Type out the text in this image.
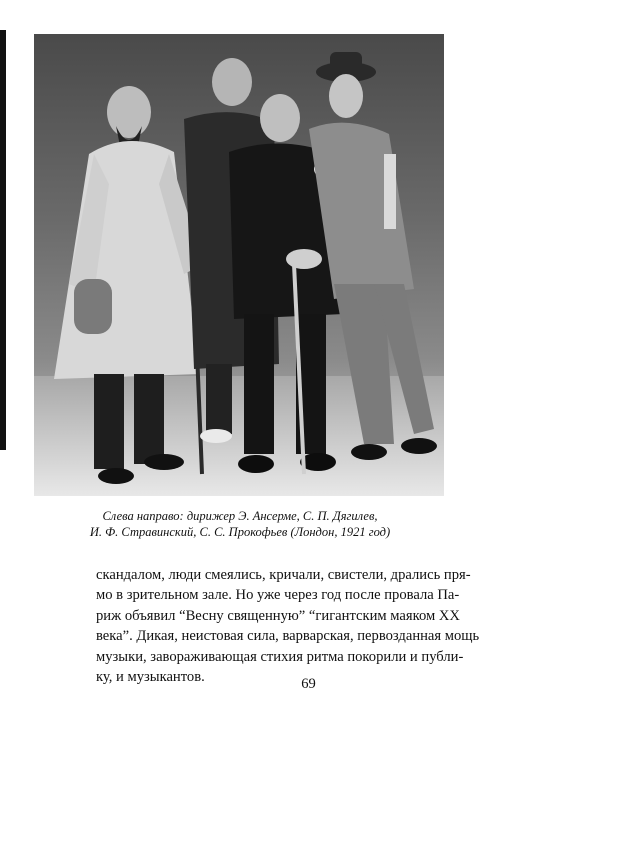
Слева направо: дирижер Э. Ансерме, С. П. Дягилев,
И. Ф. Стравинский, С. С. Прокофьев (Лондон, 1921 год)
скандалом, люди смеялись, кричали, свистели, дрались пря-
мо в зрительном зале. Но уже через год после провала Па-
риж объявил “Весну священную” “гигантским маяком XX
века”. Дикая, неистовая сила, варварская, первозданная мощь
музыки, завораживающая стихия ритма покорили и публи-
ку, и музыкантов.	69
